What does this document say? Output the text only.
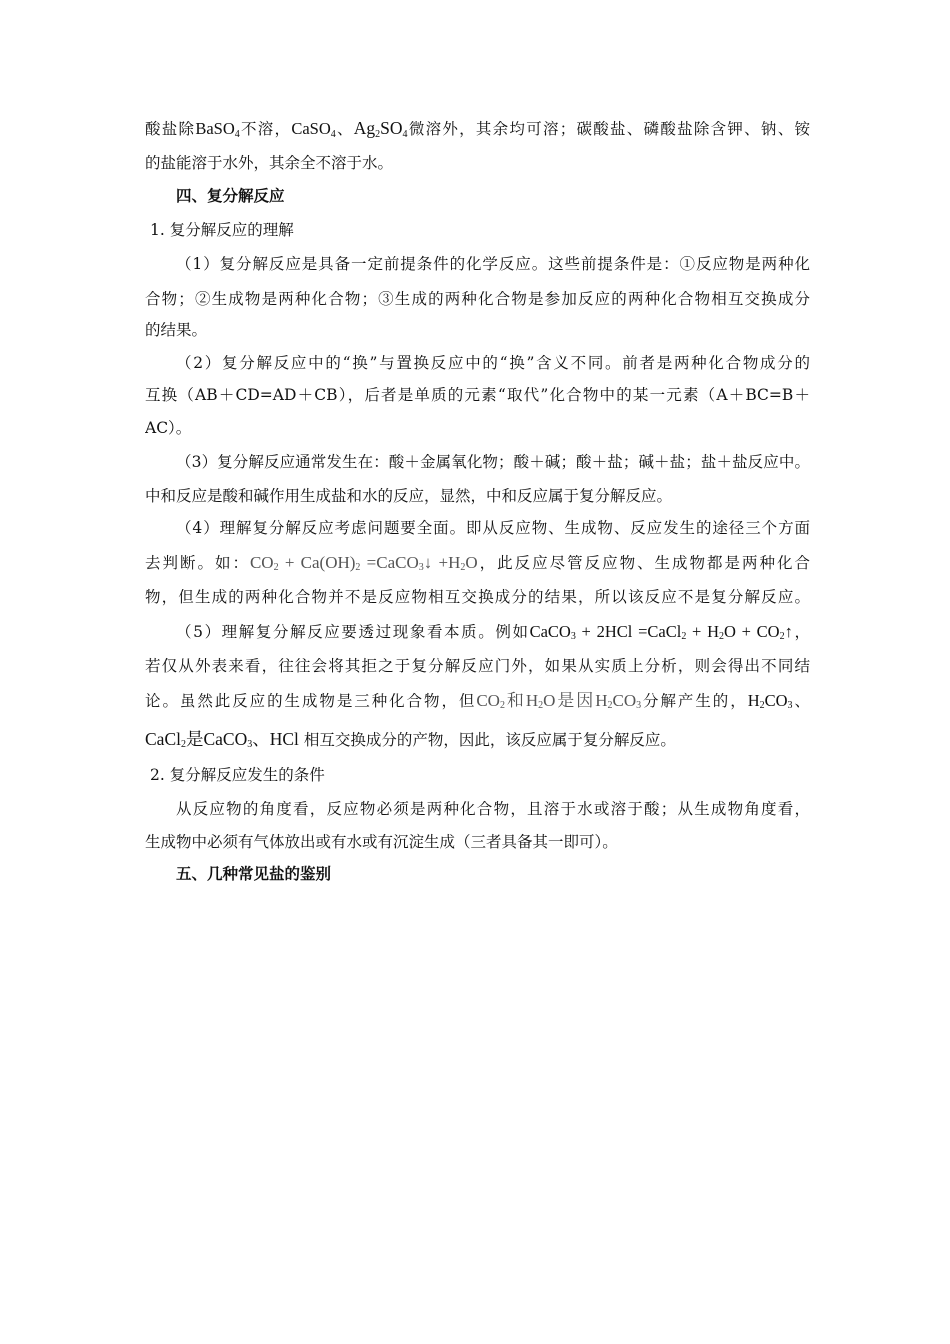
酸盐除BaSO$_4$不溶，CaSO$_4$、$Ag_2SO_4$微溶外，其余均可溶；碳酸盐、磷酸盐除含钾、钠、铵
的盐能溶于水外，其余全不溶于水。
四、复分解反应
1. 复分解反应的理解
（1）复分解反应是具备一定前提条件的化学反应。这些前提条件是：①反应物是两种化
合物；②生成物是两种化合物；③生成的两种化合物是参加反应的两种化合物相互交换成分
的结果。
（2）复分解反应中的“换”与置换反应中的“换”含义不同。前者是两种化合物成分的
互换（AB＋CD=AD＋CB），后者是单质的元素“取代”化合物中的某一元素（A＋BC=B＋
AC）。
（3）复分解反应通常发生在：酸＋金属氧化物；酸＋碱；酸＋盐；碱＋盐；盐＋盐反应中。
中和反应是酸和碱作用生成盐和水的反应，显然，中和反应属于复分解反应。
（4）理解复分解反应考虑问题要全面。即从反应物、生成物、反应发生的途径三个方面
去判断。如：CO2 + Ca(OH)2 =CaCO3↓ +H2O，此反应尽管反应物、生成物都是两种化合
物，但生成的两种化合物并不是反应物相互交换成分的结果，所以该反应不是复分解反应。
（5）理解复分解反应要透过现象看本质。例如CaCO3 + 2HCl =CaCl2 + H2O + CO2↑，
若仅从外表来看，往往会将其拒之于复分解反应门外，如果从实质上分析，则会得出不同结
论。虽然此反应的生成物是三种化合物，但CO2和H2O是因H2CO3分解产生的，H2CO3、
CaCl2是CaCO3、HCl 相互交换成分的产物，因此，该反应属于复分解反应。
2. 复分解反应发生的条件
从反应物的角度看，反应物必须是两种化合物，且溶于水或溶于酸；从生成物角度看，
生成物中必须有气体放出或有水或有沉淀生成（三者具备其一即可）。
五、几种常见盐的鉴别
